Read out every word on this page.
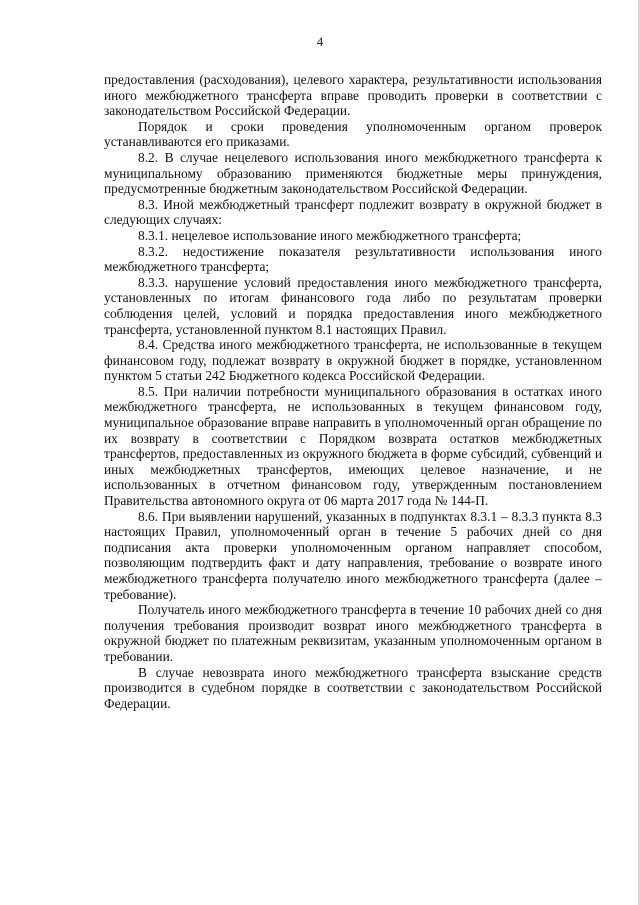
4

предоставления (расходования), целевого характера, результативности использования иного межбюджетного трансферта вправе проводить проверки в соответствии с законодательством Российской Федерации.

Порядок и сроки проведения уполномоченным органом проверок устанавливаются его приказами.

8.2. В случае нецелевого использования иного межбюджетного трансферта к муниципальному образованию применяются бюджетные меры принуждения, предусмотренные бюджетным законодательством Российской Федерации.

8.3. Иной межбюджетный трансферт подлежит возврату в окружной бюджет в следующих случаях:

8.3.1. нецелевое использование иного межбюджетного трансферта;

8.3.2. недостижение показателя результативности использования иного межбюджетного трансферта;

8.3.3. нарушение условий предоставления иного межбюджетного трансферта, установленных по итогам финансового года либо по результатам проверки соблюдения целей, условий и порядка предоставления иного межбюджетного трансферта, установленной пунктом 8.1 настоящих Правил.

8.4. Средства иного межбюджетного трансферта, не использованные в текущем финансовом году, подлежат возврату в окружной бюджет в порядке, установленном пунктом 5 статьи 242 Бюджетного кодекса Российской Федерации.

8.5. При наличии потребности муниципального образования в остатках иного межбюджетного трансферта, не использованных в текущем финансовом году, муниципальное образование вправе направить в уполномоченный орган обращение по их возврату в соответствии с Порядком возврата остатков межбюджетных трансфертов, предоставленных из окружного бюджета в форме субсидий, субвенций и иных межбюджетных трансфертов, имеющих целевое назначение, и не использованных в отчетном финансовом году, утвержденным постановлением Правительства автономного округа от 06 марта 2017 года № 144-П.

8.6. При выявлении нарушений, указанных в подпунктах 8.3.1 – 8.3.3 пункта 8.3 настоящих Правил, уполномоченный орган в течение 5 рабочих дней со дня подписания акта проверки уполномоченным органом направляет способом, позволяющим подтвердить факт и дату направления, требование о возврате иного межбюджетного трансферта получателю иного межбюджетного трансферта (далее – требование).

Получатель иного межбюджетного трансферта в течение 10 рабочих дней со дня получения требования производит возврат иного межбюджетного трансферта в окружной бюджет по платежным реквизитам, указанным уполномоченным органом в требовании.

В случае невозврата иного межбюджетного трансферта взыскание средств производится в судебном порядке в соответствии с законодательством Российской Федерации.
